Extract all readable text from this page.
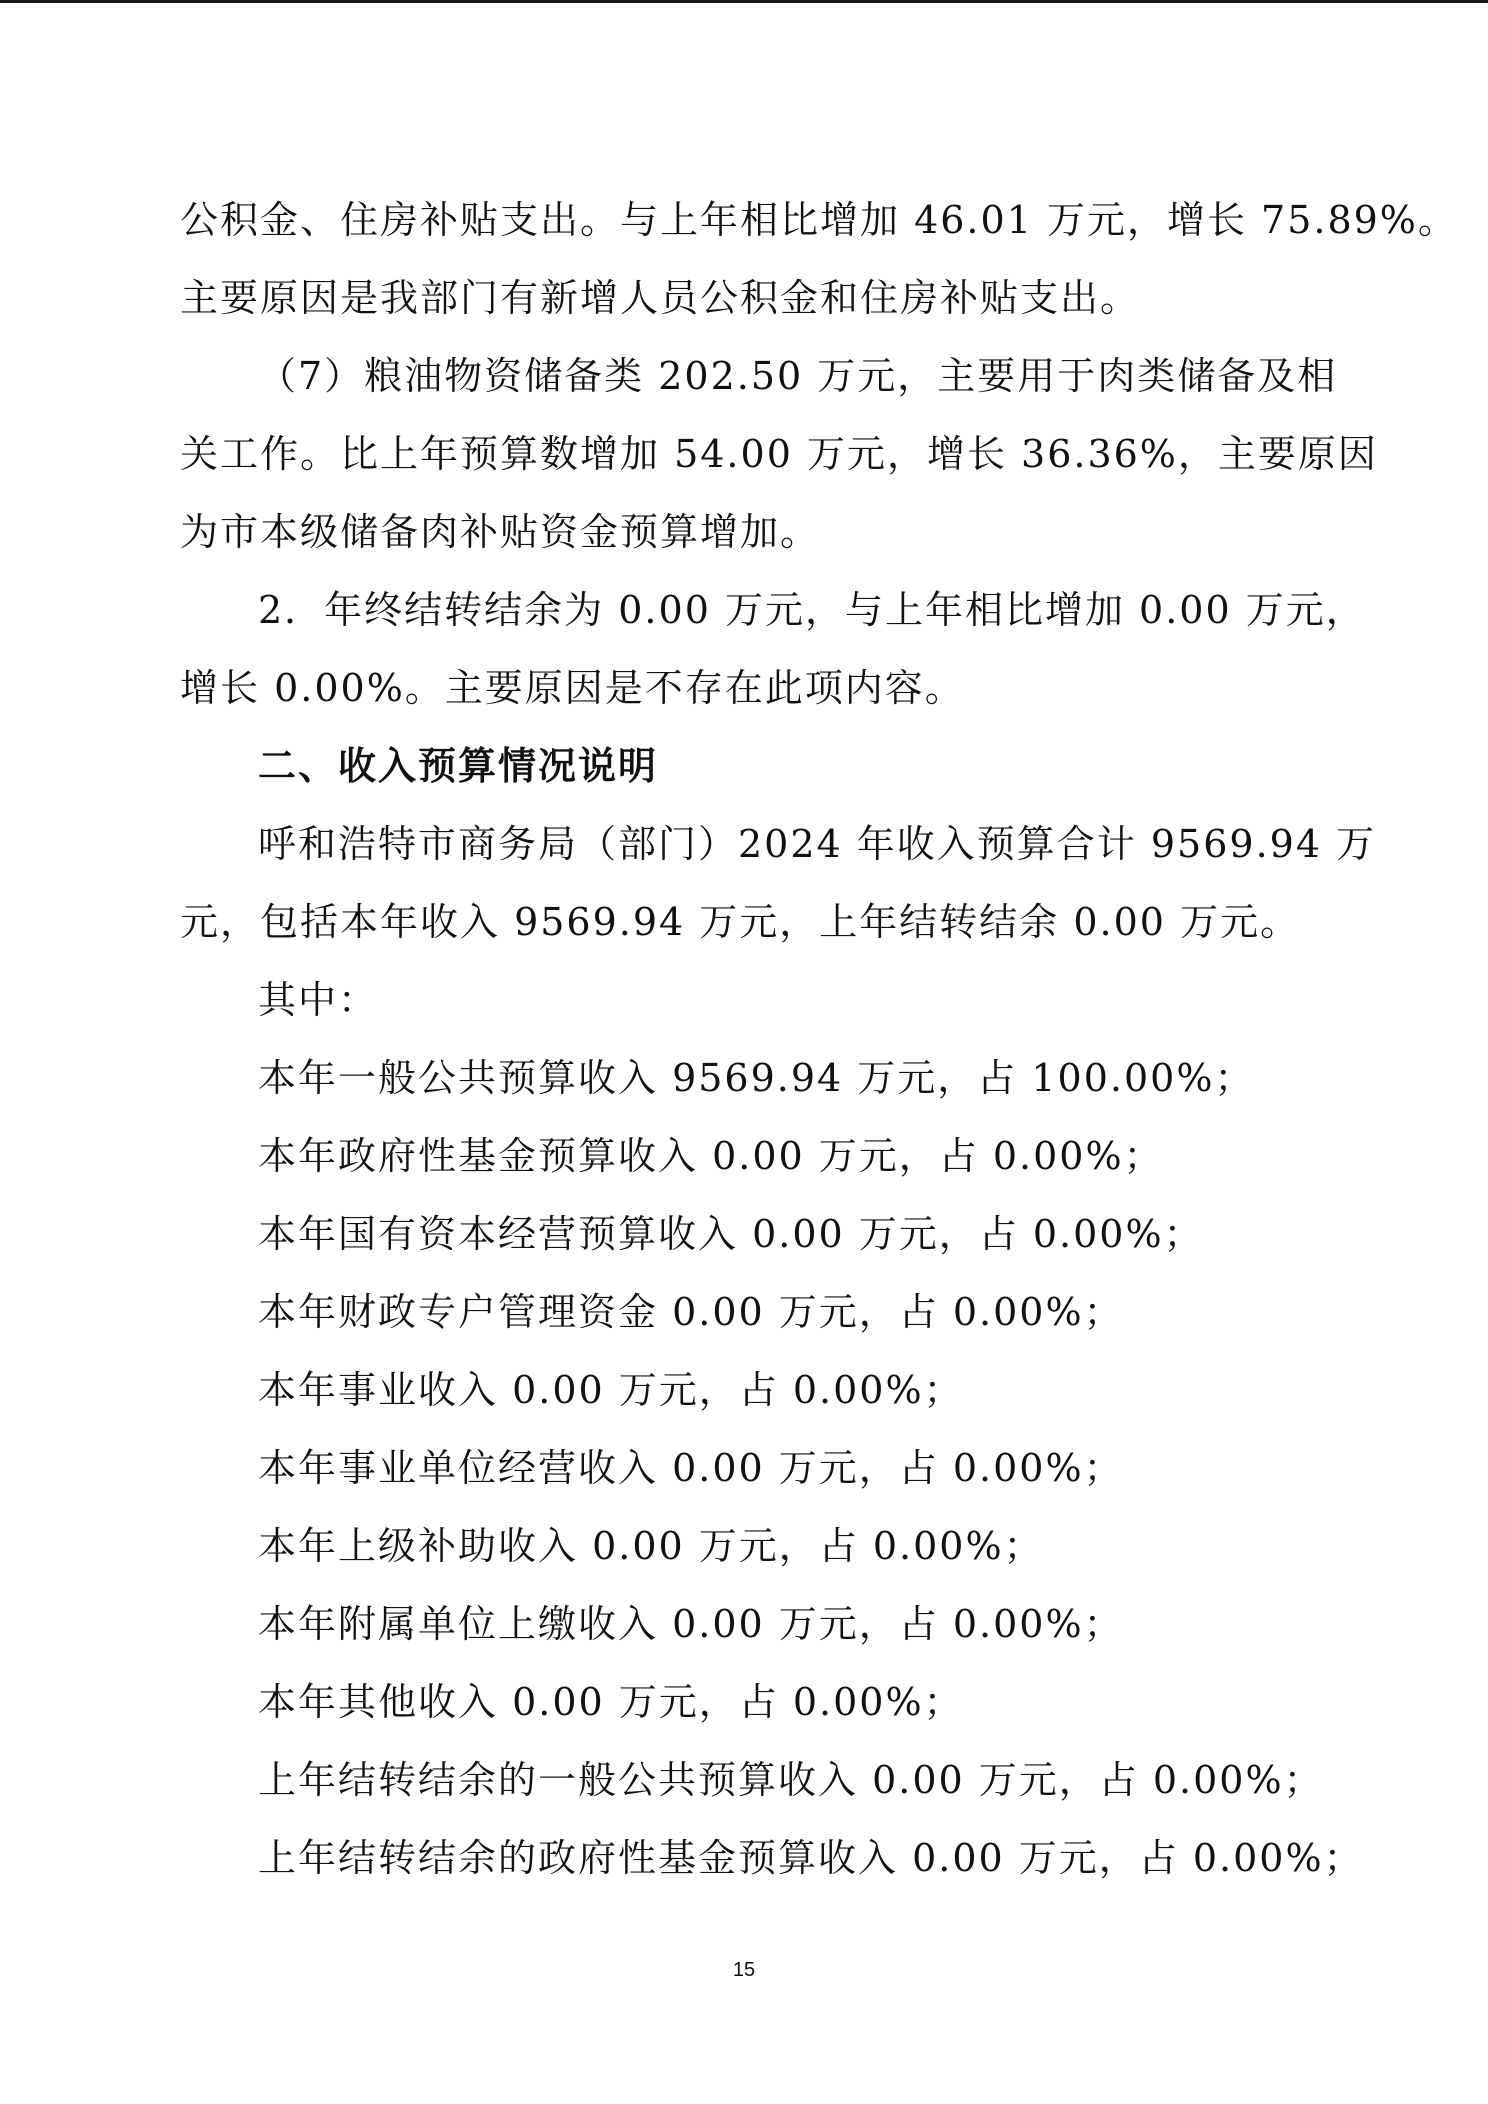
公积金、住房补贴支出。与上年相比增加 46.01 万元，增长 75.89%。
主要原因是我部门有新增人员公积金和住房补贴支出。
（7）粮油物资储备类 202.50 万元，主要用于肉类储备及相
关工作。比上年预算数增加 54.00 万元，增长 36.36%，主要原因
为市本级储备肉补贴资金预算增加。
2．年终结转结余为 0.00 万元，与上年相比增加 0.00 万元，
增长 0.00%。主要原因是不存在此项内容。
二、收入预算情况说明
呼和浩特市商务局（部门）2024 年收入预算合计 9569.94 万
元，包括本年收入 9569.94 万元，上年结转结余 0.00 万元。
其中：
本年一般公共预算收入 9569.94 万元，占 100.00%；
本年政府性基金预算收入 0.00 万元，占 0.00%；
本年国有资本经营预算收入 0.00 万元，占 0.00%；
本年财政专户管理资金 0.00 万元，占 0.00%；
本年事业收入 0.00 万元，占 0.00%；
本年事业单位经营收入 0.00 万元，占 0.00%；
本年上级补助收入 0.00 万元，占 0.00%；
本年附属单位上缴收入 0.00 万元，占 0.00%；
本年其他收入 0.00 万元，占 0.00%；
上年结转结余的一般公共预算收入 0.00 万元，占 0.00%；
上年结转结余的政府性基金预算收入 0.00 万元，占 0.00%；
15
